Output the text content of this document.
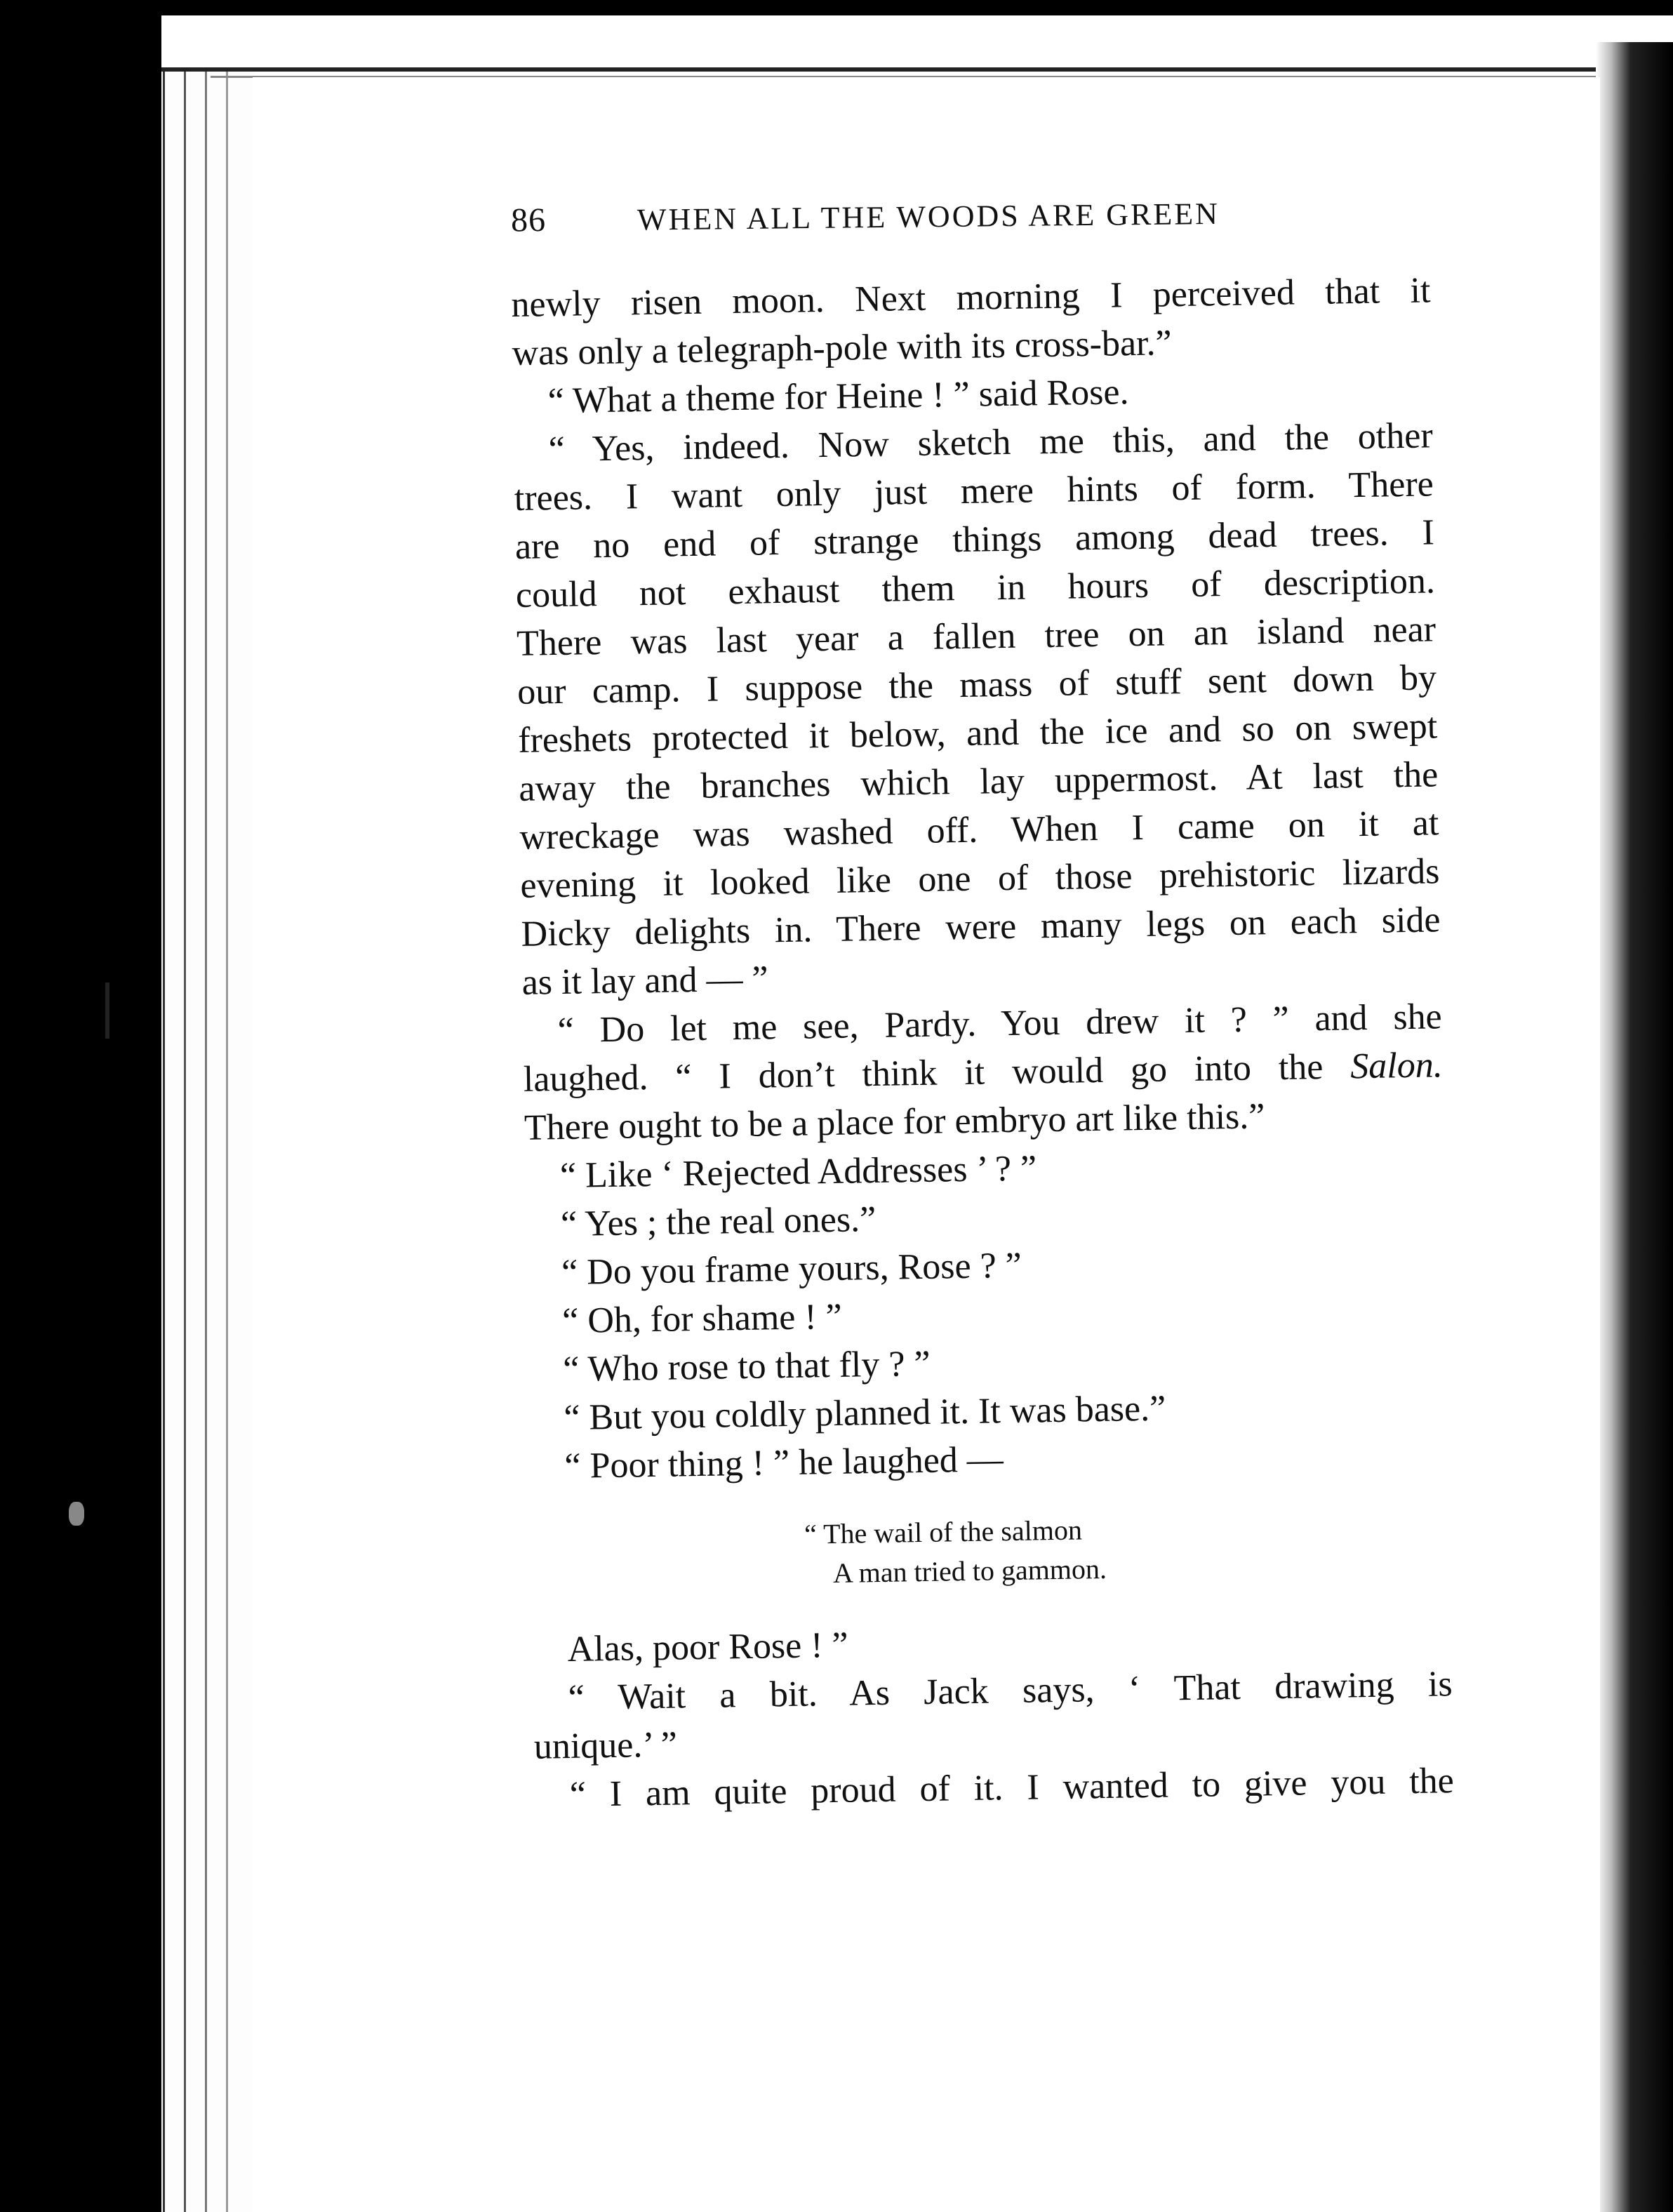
86	WHEN ALL THE WOODS ARE GREEN

newly risen moon. Next morning I perceived that it
was only a telegraph-pole with its cross-bar.”

“ What a theme for Heine ! ” said Rose.

“ Yes, indeed. Now sketch me this, and the other
trees. I want only just mere hints of form. There
are no end of strange things among dead trees. I
could not exhaust them in hours of description.
There was last year a fallen tree on an island near
our camp. I suppose the mass of stuff sent down by
freshets protected it below, and the ice and so on swept
away the branches which lay uppermost. At last the
wreckage was washed off. When I came on it at
evening it looked like one of those prehistoric lizards
Dicky delights in. There were many legs on each side
as it lay and — ”

“ Do let me see, Pardy. You drew it ? ” and she
laughed. “ I don’t think it would go into the Salon.
There ought to be a place for embryo art like this.”

“ Like ‘ Rejected Addresses ’ ? ”
“ Yes ; the real ones.”
“ Do you frame yours, Rose ? ”
“ Oh, for shame ! ”
“ Who rose to that fly ? ”
“ But you coldly planned it. It was base.”
“ Poor thing ! ” he laughed —

“ The wail of the salmon
A man tried to gammon.

Alas, poor Rose ! ”

“ Wait a bit. As Jack says, ‘ That drawing is
unique.’ ”

“ I am quite proud of it. I wanted to give you the
